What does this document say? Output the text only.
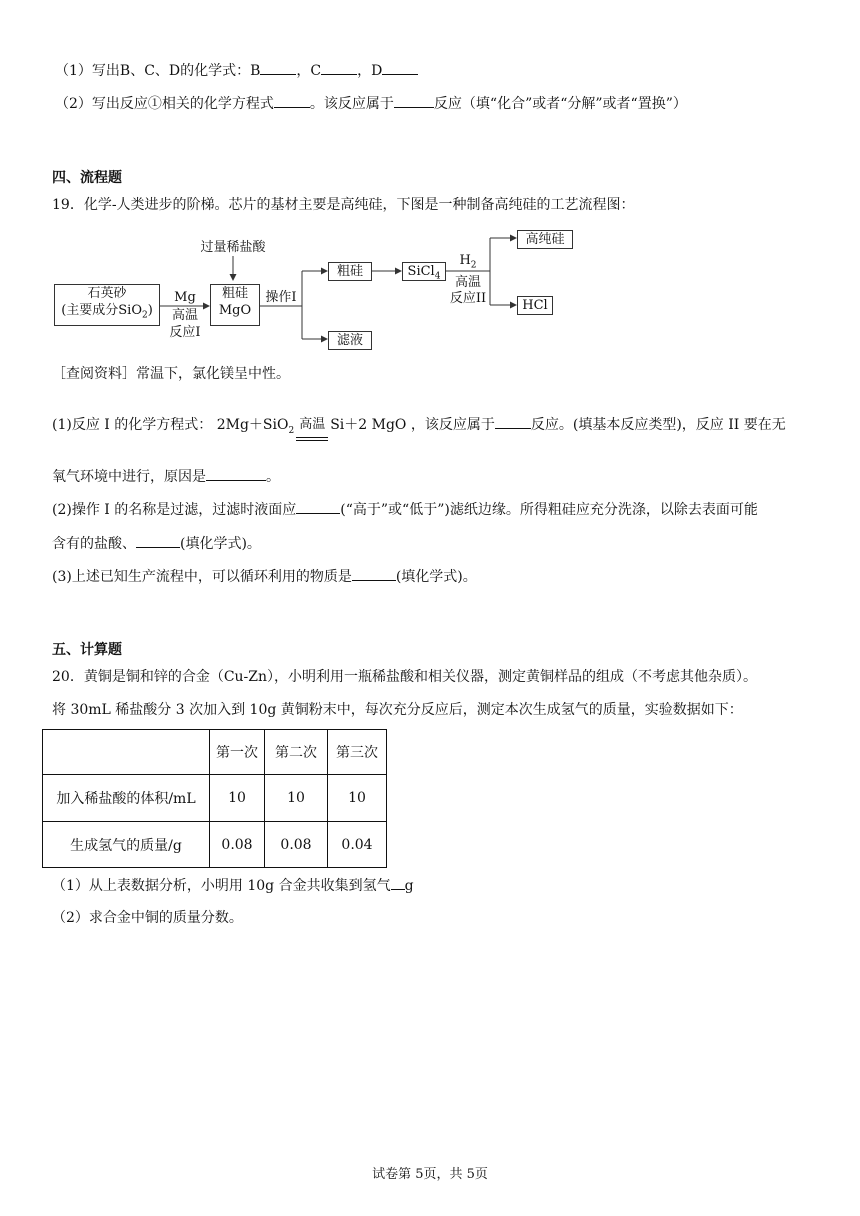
（1）写出B、C、D的化学式：B	，C	，D
（2）写出反应①相关的化学方程式	。该反应属于	反应（填“化合”或者“分解”或者“置换”）
四、流程题
19．化学-人类进步的阶梯。芯片的基材主要是高纯硅，下图是一种制备高纯硅的工艺流程图：
石英砂
(主要成分SiO$_2$)
Mg
高温
反应I
过量稀盐酸
粗硅
MgO
操作I
粗硅
滤液
SiCl$_4$
$H_2$
高温
反应II
高纯硅
HCl
［查阅资料］常温下，氯化镁呈中性。
(1)反应 I 的化学方程式： 2Mg＋SiO$_2$ 高温 Si＋2 MgO ，该反应属于	反应。(填基本反应类型)，反应 II 要在无
氧气环境中进行，原因是	。
(2)操作 I 的名称是过滤，过滤时液面应	(“高于”或“低于”)滤纸边缘。所得粗硅应充分洗涤，以除去表面可能
含有的盐酸、	(填化学式)。
(3)上述已知生产流程中，可以循环利用的物质是	(填化学式)。
五、计算题
20．黄铜是铜和锌的合金（Cu-Zn），小明利用一瓶稀盐酸和相关仪器，测定黄铜样品的组成（不考虑其他杂质）。
将 30mL 稀盐酸分 3 次加入到 10g 黄铜粉末中，每次充分反应后，测定本次生成氢气的质量，实验数据如下：
	第一次	第二次	第三次
加入稀盐酸的体积/mL	10	10	10
生成氢气的质量/g	0.08	0.08	0.04
（1）从上表数据分析，小明用 10g 合金共收集到氢气 g
（2）求合金中铜的质量分数。
试卷第 5页，共 5页
